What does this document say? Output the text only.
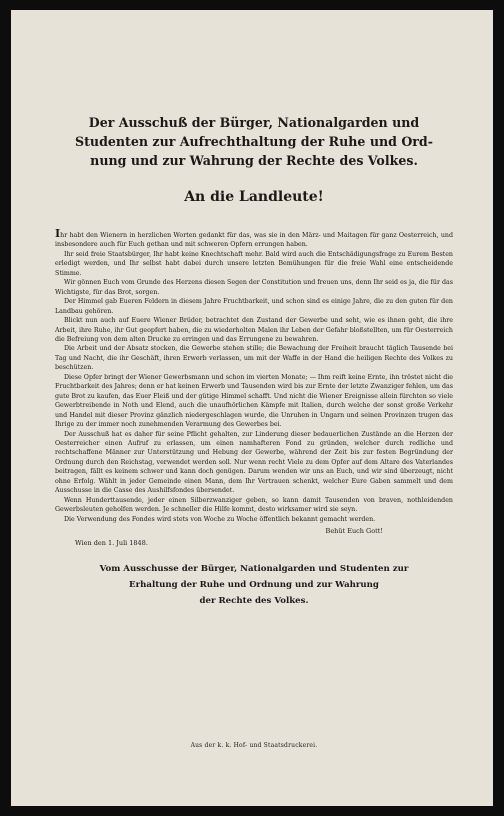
Der Ausschuß der Bürger, Nationalgarden und
Studenten zur Aufrechthaltung der Ruhe und Ord-
nung und zur Wahrung der Rechte des Volkes.
An die Landleute!

Ihr habt den Wienern in herzlichen Worten gedankt für das, was sie in den März- und Maitagen für ganz Oesterreich, und insbesondere auch für Euch gethan und mit schweren Opfern errungen haben.

Ihr seid freie Staatsbürger, Ihr habt keine Knechtschaft mehr. Bald wird auch die Entschädigungsfrage zu Eurem Besten erledigt werden, und Ihr selbst habt dabei durch unsere letzten Bemühungen für die freie Wahl eine entscheidende Stimme.

Wir gönnen Euch vom Grunde des Herzens diesen Segen der Constitution und freuen uns, denn Ihr seid es ja, die für das Wichtigste, für das Brot, sorgen.

Der Himmel gab Eueren Feldern in diesem Jahre Fruchtbarkeit, und schon sind es einige Jahre, die zu den guten für den Landbau gehören.

Blickt nun auch auf Euere Wiener Brüder, betrachtet den Zustand der Gewerbe und seht, wie es ihnen geht, die ihre Arbeit, ihre Ruhe, ihr Gut geopfert haben, die zu wiederholten Malen ihr Leben der Gefahr bloßstellten, um für Oesterreich die Befreiung von dem alten Drucke zu erringen und das Errungene zu bewahren.

Die Arbeit und der Absatz stocken, die Gewerbe stehen stille; die Bewachung der Freiheit braucht täglich Tausende bei Tag und Nacht, die ihr Geschäft, ihren Erwerb verlassen, um mit der Waffe in der Hand die heiligen Rechte des Volkes zu beschützen.

Diese Opfer bringt der Wiener Gewerbsmann und schon im vierten Monate; — Ihm reift keine Ernte, ihn tröstet nicht die Fruchtbarkeit des Jahres; denn er hat keinen Erwerb und Tausenden wird bis zur Ernte der letzte Zwanziger fehlen, um das gute Brot zu kaufen, das Euer Fleiß und der gütige Himmel schafft. Und nicht die Wiener Ereignisse allein fürchten so viele Gewerbtreibende in Noth und Elend, auch die unaufhörlichen Kämpfe mit Italien, durch welche der sonst große Verkehr und Handel mit dieser Provinz gänzlich niedergeschlagen wurde, die Unruhen in Ungarn und seinen Provinzen trugen das Ihrige zu der immer noch zunehmenden Verarmung des Gewerbes bei.

Der Ausschuß hat es daher für seine Pflicht gehalten, zur Linderung dieser bedauerlichen Zustände an die Herzen der Oesterreicher einen Aufruf zu erlassen, um einen namhafteren Fond zu gründen, welcher durch redliche und rechtschaffene Männer zur Unterstützung und Hebung der Gewerbe, während der Zeit bis zur festen Begründung der Ordnung durch den Reichstag, verwendet werden soll. Nur wenn recht Viele zu dem Opfer auf dem Altare des Vaterlandes beitragen, fällt es keinem schwer und kann doch genügen. Darum wenden wir uns an Euch, und wir sind überzeugt, nicht ohne Erfolg. Wählt in jeder Gemeinde einen Mann, dem Ihr Vertrauen schenkt, welcher Eure Gaben sammelt und dem Ausschusse in die Casse des Aushilfsfondes übersendet.

Wenn Hunderttausende, jeder einen Silberzwanziger geben, so kann damit Tausenden von braven, nothleidenden Gewerbsleuten geholfen werden. Je schneller die Hilfe kommt, desto wirksamer wird sie seyn.

Die Verwendung des Fondes wird stets von Woche zu Woche öffentlich bekannt gemacht werden.

Behüt Euch Gott!
Wien den 1. Juli 1848.
Vom Ausschusse der Bürger, Nationalgarden und Studenten zur
Erhaltung der Ruhe und Ordnung und zur Wahrung
der Rechte des Volkes.
Aus der k. k. Hof- und Staatsdruckerei.
